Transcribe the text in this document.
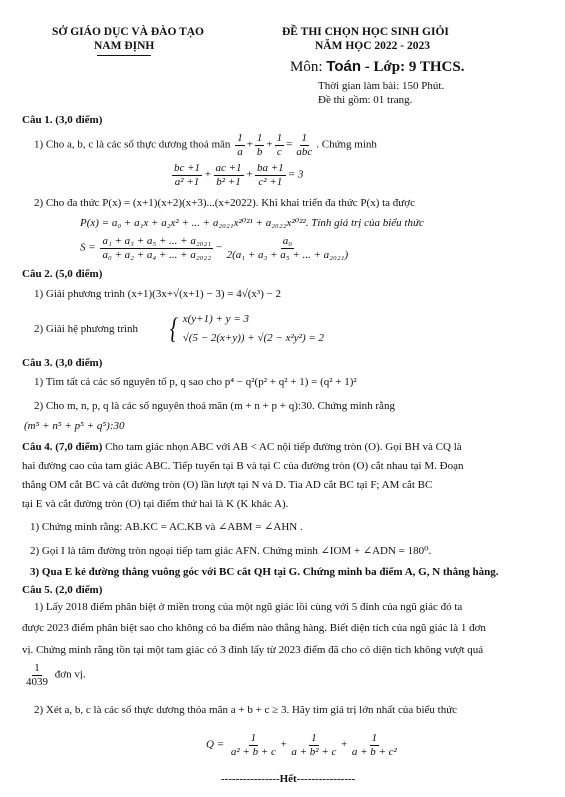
SỞ GIÁO DỤC VÀ ĐÀO TẠO
NAM ĐỊNH
ĐỀ THI CHỌN HỌC SINH GIỎI
NĂM HỌC 2022 - 2023
Môn: Toán - Lớp: 9 THCS.
Thời gian làm bài: 150 Phút.
Đề thi gồm: 01 trang.
Câu 1. (3,0 điểm)
1) Cho a, b, c là các số thực dương thoả mãn $\frac{1}{a} + \frac{1}{b} + \frac{1}{c} = \frac{1}{\text{abc}}$ . Chứng minh
$\frac{bc +1}{\text{a² +1}} + \frac{ac +1}{\text{b² +1}} + \frac{ba +1}{\text{c² +1}} = 3$
2) Cho đa thức P(x) = (x+1)(x+2)(x+3)...(x+2022). Khi khai triển đa thức P(x) ta được
P(x) = a₀ + a₁x + a₂x² + ... + a₂₀₂₁x²⁰²¹ + a₂₀₂₂x²⁰²². Tính giá trị của biểu thức
$S = \frac{\text{a₁ + a₃ + a₅ + ... + a₂₀₂₁}}{\text{a₀ + a₂ + a₄ + ... + a₂₀₂₂}} - \frac{\text{a₀}}{\text{2(a₁ + a₃ + a₅ + ... + a₂₀₂₁)}}$
Câu 2. (5,0 điểm)
1) Giải phương trình (x+1)(3x+√(x+1) − 3) = 4√(x³) − 2
2) Giải hệ phương trình { x(y+1) + y = 3
√(5 − 2(x+y)) + √(2 − x²y²) = 2
Câu 3. (3,0 điểm)
1) Tìm tất cả các số nguyên tố p, q sao cho p⁴ − q²(p² + q² + 1) = (q² + 1)²
2) Cho m, n, p, q là các số nguyên thoả mãn (m + n + p + q):30. Chứng minh rằng
(m⁵ + n⁵ + p⁵ + q⁵):30
Câu 4. (7,0 điểm) Cho tam giác nhọn ABC với AB < AC nội tiếp đường tròn (O). Gọi BH và CQ là
hai đường cao của tam giác ABC. Tiếp tuyến tại B và tại C của đường tròn (O) cắt nhau tại M. Đoạn
thẳng OM cắt BC và cắt đường tròn (O) lần lượt tại N và D. Tia AD cắt BC tại F; AM cắt BC
tại E và cắt đường tròn (O) tại điểm thứ hai là K (K khác A).
1) Chứng minh rằng: AB.KC = AC.KB và ∠ABM = ∠AHN .
2) Gọi I là tâm đường tròn ngoại tiếp tam giác AFN. Chứng minh ∠IOM + ∠ADN = 180⁰.
3) Qua E kẻ đường thẳng vuông góc với BC cắt QH tại G. Chứng minh ba điểm A, G, N thẳng hàng.
Câu 5. (2,0 điểm)
1) Lấy 2018 điểm phân biệt ở miền trong của một ngũ giác lồi cùng với 5 đỉnh của ngũ giác đó ta
được 2023 điểm phân biệt sao cho không có ba điểm nào thẳng hàng. Biết diện tích của ngũ giác là 1 đơn
vị. Chứng minh rằng tồn tại một tam giác có 3 đỉnh lấy từ 2023 điểm đã cho có diện tích không vượt quá
$\frac{1}{4039}$ đơn vị.
2) Xét a, b, c là các số thực dương thỏa mãn a + b + c ≥ 3. Hãy tìm giá trị lớn nhất của biểu thức
$Q = \frac{1}{\text{a² + b + c}} + \frac{1}{\text{a + b² + c}} + \frac{1}{\text{a + b + c²}}$
----------------Hết----------------
